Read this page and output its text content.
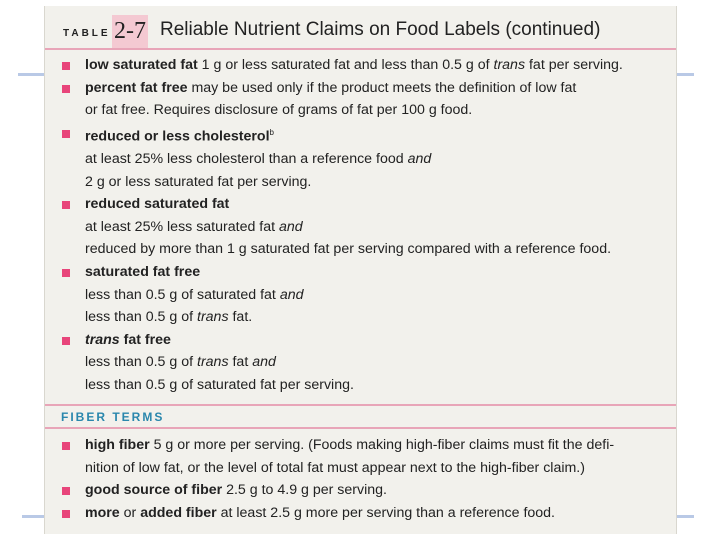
TABLE 2-7 Reliable Nutrient Claims on Food Labels (continued)
low saturated fat 1 g or less saturated fat and less than 0.5 g of trans fat per serving.
percent fat free may be used only if the product meets the definition of low fat
or fat free. Requires disclosure of grams of fat per 100 g food.
reduced or less cholesterol$^b$
at least 25% less cholesterol than a reference food and
2 g or less saturated fat per serving.
reduced saturated fat
at least 25% less saturated fat and
reduced by more than 1 g saturated fat per serving compared with a reference food.
saturated fat free
less than 0.5 g of saturated fat and
less than 0.5 g of trans fat.
trans fat free
less than 0.5 g of trans fat and
less than 0.5 g of saturated fat per serving.
FIBER TERMS
high fiber 5 g or more per serving. (Foods making high-fiber claims must fit the defi-
nition of low fat, or the level of total fat must appear next to the high-fiber claim.)
good source of fiber 2.5 g to 4.9 g per serving.
more or added fiber at least 2.5 g more per serving than a reference food.
